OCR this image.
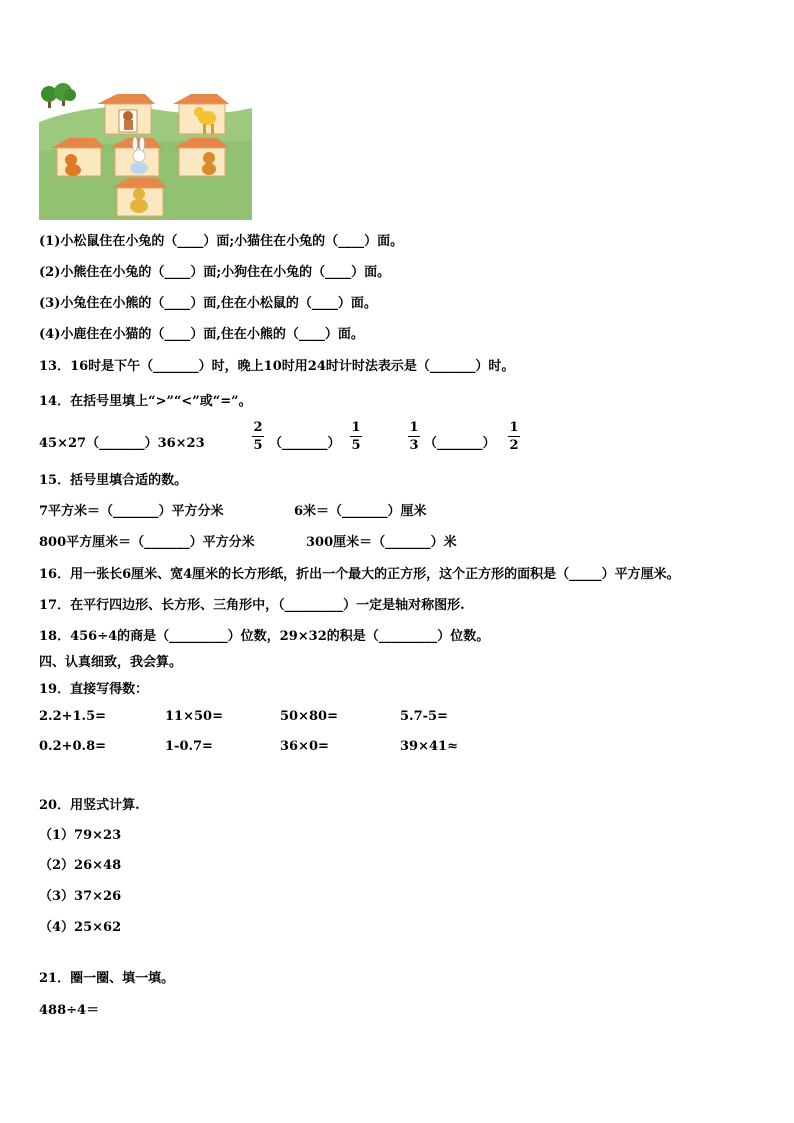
(1)小松鼠住在小兔的（____）面;小猫住在小兔的（____）面。
(2)小熊住在小兔的（____）面;小狗住在小兔的（____）面。
(3)小兔住在小熊的（____）面,住在小松鼠的（____）面。
(4)小鹿住在小猫的（____）面,住在小熊的（____）面。
13．16时是下午（_______）时，晚上10时用24时计时法表示是（_______）时。
14．在括号里填上“>”“<”或“=”。
45×27（_______）36×23
2
5 （_______）
1
5
1
3 （_______）
1
2
15．括号里填合适的数。
7平方米＝（_______）平方分米	6米＝（_______）厘米
800平方厘米＝（_______）平方分米	300厘米＝（_______）米
16．用一张长6厘米、宽4厘米的长方形纸，折出一个最大的正方形，这个正方形的面积是（_____）平方厘米。
17．在平行四边形、长方形、三角形中，（_________）一定是轴对称图形.
18．456÷4的商是（_________）位数，29×32的积是（_________）位数。
四、认真细致，我会算。
19．直接写得数：
2.2+1.5=	11×50=	50×80=	5.7-5=
0.2+0.8=	1-0.7=	36×0=	39×41≈
20．用竖式计算.
（1）79×23
（2）26×48
（3）37×26
（4）25×62
21．圈一圈、填一填。
488÷4＝
